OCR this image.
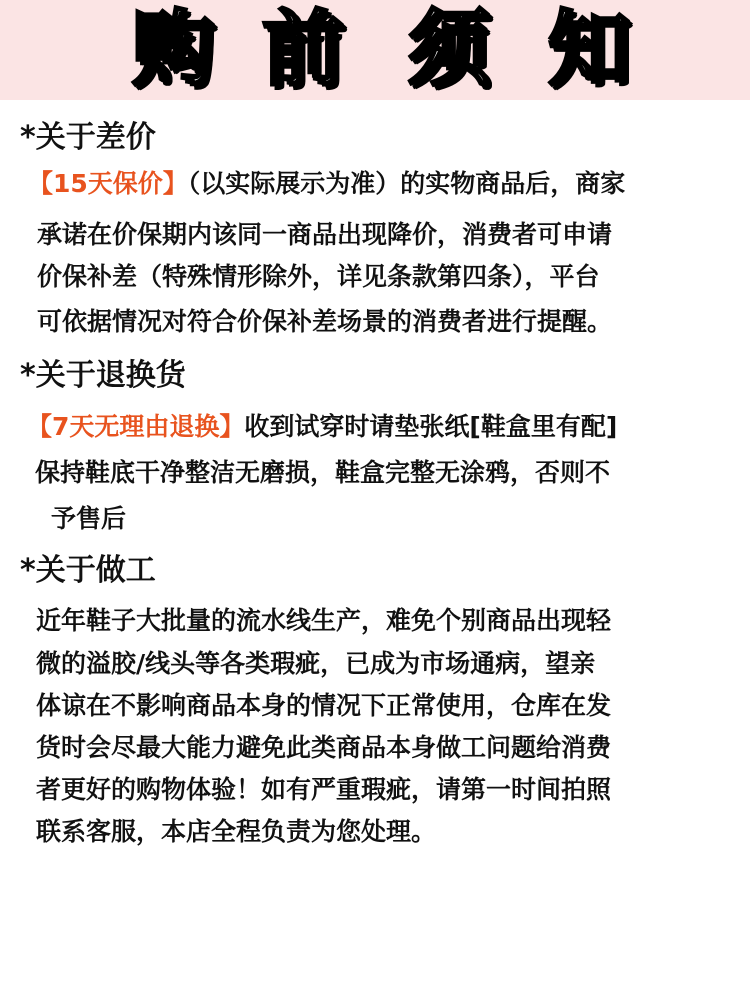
购 前 须 知
*关于差价
【15天保价】（以实际展示为准）的实物商品后，商家
承诺在价保期内该同一商品出现降价，消费者可申请
价保补差（特殊情形除外，详见条款第四条），平台
可依据情况对符合价保补差场景的消费者进行提醒。
*关于退换货
【7天无理由退换】收到试穿时请垫张纸[鞋盒里有配]
保持鞋底干净整洁无磨损，鞋盒完整无涂鸦，否则不
予售后
*关于做工
近年鞋子大批量的流水线生产，难免个别商品出现轻
微的溢胶/线头等各类瑕疵，已成为市场通病，望亲
体谅在不影响商品本身的情况下正常使用，仓库在发
货时会尽最大能力避免此类商品本身做工问题给消费
者更好的购物体验！如有严重瑕疵，请第一时间拍照
联系客服，本店全程负责为您处理。
